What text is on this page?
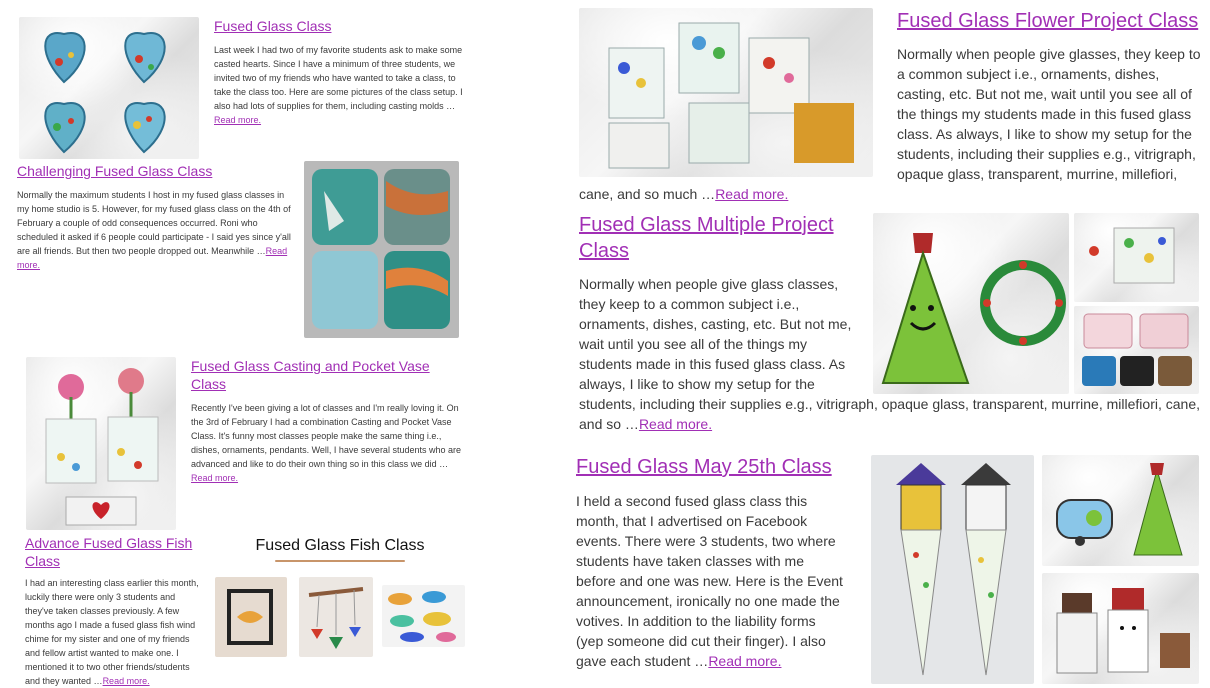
Fused Glass Class

Last week I had two of my favorite students ask to make some casted hearts. Since I have a minimum of three students, we invited two of my friends who have wanted to take a class, to take the class too. Here are some pictures of the class setup. I also had lots of supplies for them, including casting molds …Read more.

Challenging Fused Glass Class

Normally the maximum students I host in my fused glass classes in my home studio is 5. However, for my fused glass class on the 4th of February a couple of odd consequences occurred. Roni who scheduled it asked if 6 people could participate - I said yes since y'all are all friends. But then two people dropped out. Meanwhile …Read more.

Fused Glass Casting and Pocket Vase Class

Recently I've been giving a lot of classes and I'm really loving it. On the 3rd of February I had a combination Casting and Pocket Vase Class. It's funny most classes people make the same thing i.e., dishes, ornaments, pendants. Well, I have several students who are advanced and like to do their own thing so in this class we did …Read more.

Advance Fused Glass Fish Class

I had an interesting class earlier this month, luckily there were only 3 students and they've taken classes previously. A few months ago I made a fused glass fish wind chime for my sister and one of my friends and fellow artist wanted to make one. I mentioned it to two other friends/students and they wanted …Read more.

Fused Glass Fish Class
Fused Glass Flower Project Class

Normally when people give glasses, they keep to a common subject i.e., ornaments, dishes, casting, etc. But not me, wait until you see all of the things my students made in this fused glass class. As always, I like to show my setup for the students, including their supplies e.g., vitrigraph, opaque glass, transparent, murrine, millefiori, cane, and so much …Read more.

Fused Glass Multiple Project Class

Normally when people give glass classes, they keep to a common subject i.e., ornaments, dishes, casting, etc. But not me, wait until you see all of the things my students made in this fused glass class. As always, I like to show my setup for the students, including their supplies e.g., vitrigraph, opaque glass, transparent, murrine, millefiori, cane, and so …Read more.

Fused Glass May 25th Class

I held a second fused glass class this month, that I advertised on Facebook events. There were 3 students, two where students have taken classes with me before and one was new. Here is the Event announcement, ironically no one made the votives. In addition to the liability forms (yep someone did cut their finger). I also gave each student …Read more.
